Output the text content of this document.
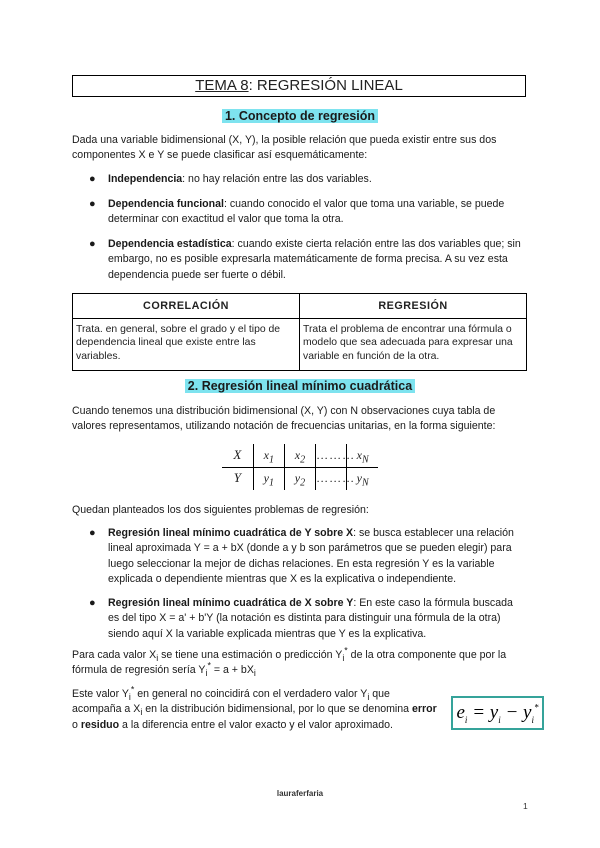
TEMA 8: REGRESIÓN LINEAL
1. Concepto de regresión

Dada una variable bidimensional (X, Y), la posible relación que pueda existir entre sus dos componentes X e Y se puede clasificar así esquemáticamente:

● Independencia: no hay relación entre las dos variables.

● Dependencia funcional: cuando conocido el valor que toma una variable, se puede determinar con exactitud el valor que toma la otra.

● Dependencia estadística: cuando existe cierta relación entre las dos variables que; sin embargo, no es posible expresarla matemáticamente de forma precisa. A su vez esta dependencia puede ser fuerte o débil.

CORRELACIÓN	REGRESIÓN
Trata. en general, sobre el grado y el tipo de dependencia lineal que existe entre las variables.	Trata el problema de encontrar una fórmula o modelo que sea adecuada para expresar una variable en función de la otra.
2. Regresión lineal mínimo cuadrática

Cuando tenemos una distribución bidimensional (X, Y) con N observaciones cuya tabla de valores representamos, utilizando notación de frecuencias unitarias, en la forma siguiente:

X	$x_1$	$x_2$	………	$x_N$
Y	$y_1$	$y_2$	………	$y_N$

Quedan planteados los dos siguientes problemas de regresión:

● Regresión lineal mínimo cuadrática de Y sobre X: se busca establecer una relación lineal aproximada Y = a + bX (donde a y b son parámetros que se pueden elegir) para luego seleccionar la mejor de dichas relaciones. En esta regresión Y es la variable explicada o dependiente mientras que X es la explicativa o independiente.

● Regresión lineal mínimo cuadrática de X sobre Y: En este caso la fórmula buscada es del tipo X = a' + b'Y (la notación es distinta para distinguir una fórmula de la otra) siendo aquí X la variable explicada mientras que Y es la explicativa.

Para cada valor $X_i$ se tiene una estimación o predicción $Y_i^*$ de la otra componente que por la fórmula de regresión sería $Y_i^* = a + bX_i$

Este valor $Y_i^*$ en general no coincidirá con el verdadero valor $Y_i$ que acompaña a $X_i$ en la distribución bidimensional, por lo que se denomina error o residuo a la diferencia entre el valor exacto y el valor aproximado.

$e_i = y_i - y_i^*$
lauraferfaria
1
